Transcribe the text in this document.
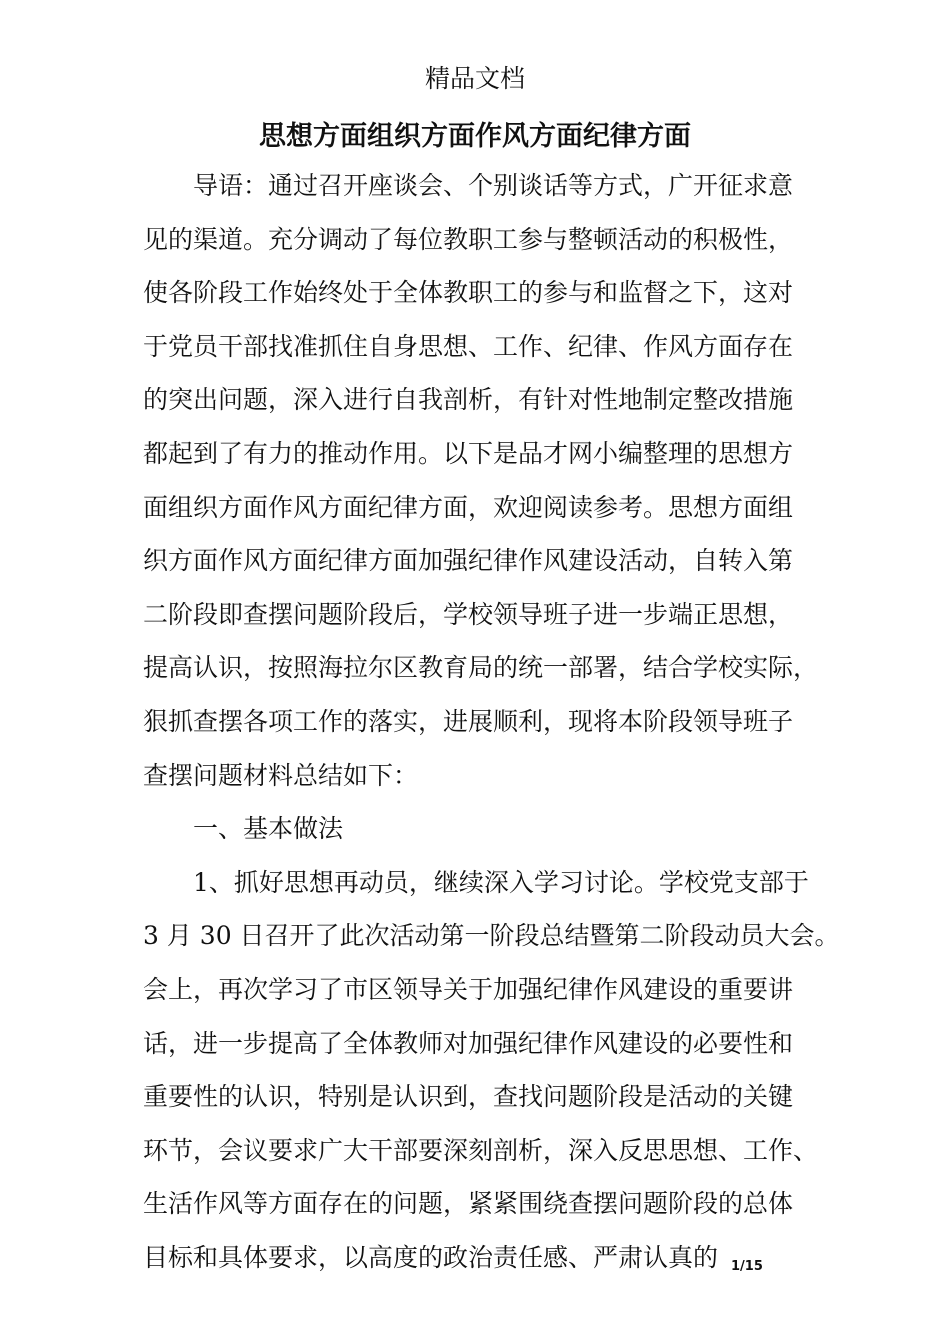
精品文档
思想方面组织方面作风方面纪律方面
　　导语：通过召开座谈会、个别谈话等方式，广开征求意
见的渠道。充分调动了每位教职工参与整顿活动的积极性，
使各阶段工作始终处于全体教职工的参与和监督之下，这对
于党员干部找准抓住自身思想、工作、纪律、作风方面存在
的突出问题，深入进行自我剖析，有针对性地制定整改措施
都起到了有力的推动作用。以下是品才网小编整理的思想方
面组织方面作风方面纪律方面，欢迎阅读参考。思想方面组
织方面作风方面纪律方面加强纪律作风建设活动，自转入第
二阶段即查摆问题阶段后，学校领导班子进一步端正思想，
提高认识，按照海拉尔区教育局的统一部署，结合学校实际，
狠抓查摆各项工作的落实，进展顺利，现将本阶段领导班子
查摆问题材料总结如下：
　　一、基本做法
　　1、抓好思想再动员，继续深入学习讨论。学校党支部于
3 月 30 日召开了此次活动第一阶段总结暨第二阶段动员大会。
会上，再次学习了市区领导关于加强纪律作风建设的重要讲
话，进一步提高了全体教师对加强纪律作风建设的必要性和
重要性的认识，特别是认识到，查找问题阶段是活动的关键
环节，会议要求广大干部要深刻剖析，深入反思思想、工作、
生活作风等方面存在的问题，紧紧围绕查摆问题阶段的总体
目标和具体要求，以高度的政治责任感、严肃认真的 1/15
